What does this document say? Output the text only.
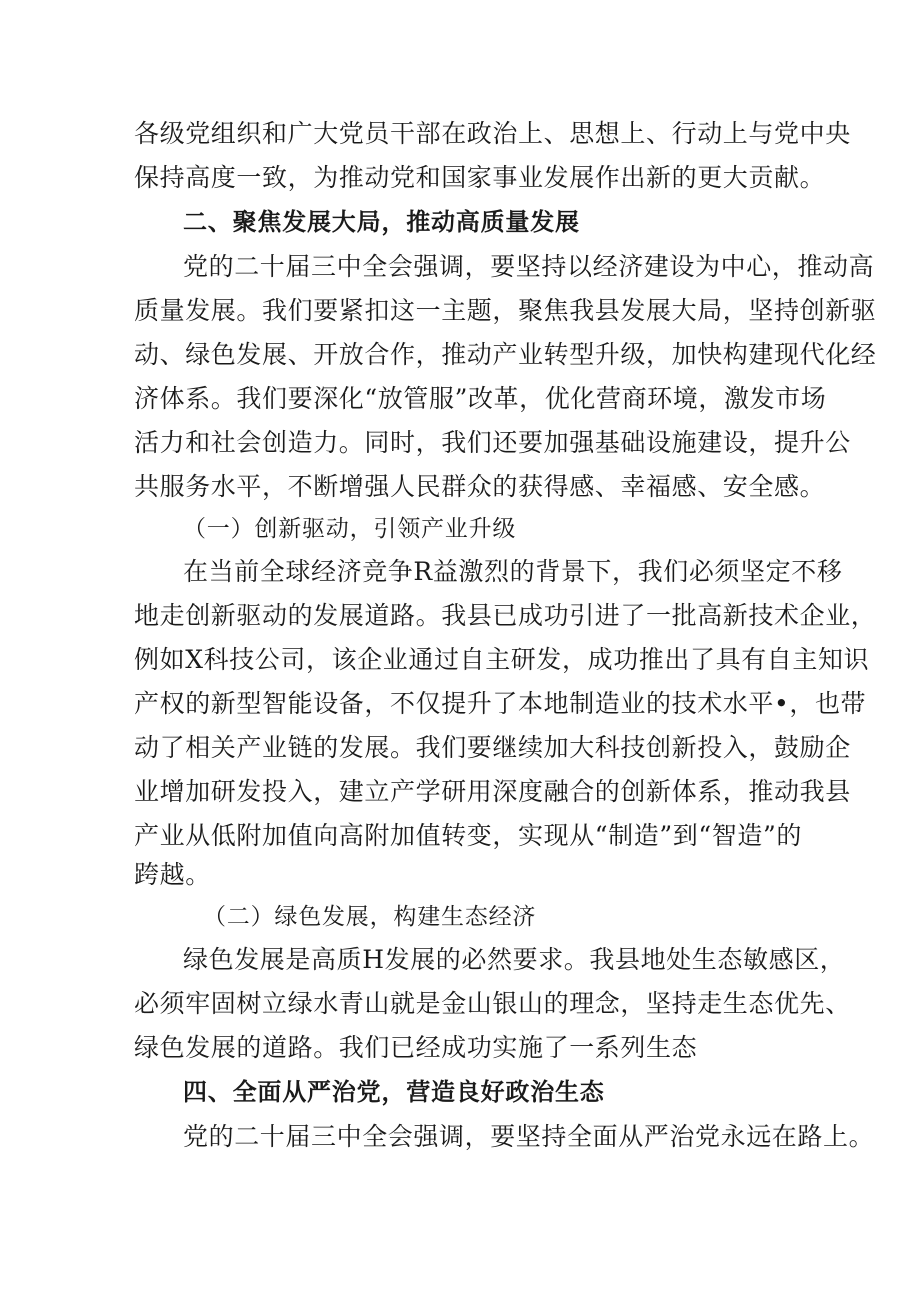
各级党组织和广大党员干部在政治上、思想上、行动上与党中央
保持高度一致，为推动党和国家事业发展作出新的更大贡献。
二、聚焦发展大局，推动高质量发展
党的二十届三中全会强调，要坚持以经济建设为中心，推动高
质量发展。我们要紧扣这一主题，聚焦我县发展大局，坚持创新驱
动、绿色发展、开放合作，推动产业转型升级，加快构建现代化经
济体系。我们要深化“放管服”改革，优化营商环境，激发市场
活力和社会创造力。同时，我们还要加强基础设施建设，提升公
共服务水平，不断增强人民群众的获得感、幸福感、安全感。
（一）创新驱动，引领产业升级
在当前全球经济竞争R益激烈的背景下，我们必须坚定不移
地走创新驱动的发展道路。我县已成功引进了一批高新技术企业，
例如X科技公司，该企业通过自主研发，成功推出了具有自主知识
产权的新型智能设备，不仅提升了本地制造业的技术水平•，也带
动了相关产业链的发展。我们要继续加大科技创新投入，鼓励企
业增加研发投入，建立产学研用深度融合的创新体系，推动我县
产业从低附加值向高附加值转变，实现从“制造”到“智造”的
跨越。
（二）绿色发展，构建生态经济
绿色发展是高质H发展的必然要求。我县地处生态敏感区，
必须牢固树立绿水青山就是金山银山的理念，坚持走生态优先、
绿色发展的道路。我们已经成功实施了一系列生态
四、全面从严治党，营造良好政治生态
党的二十届三中全会强调，要坚持全面从严治党永远在路上。
